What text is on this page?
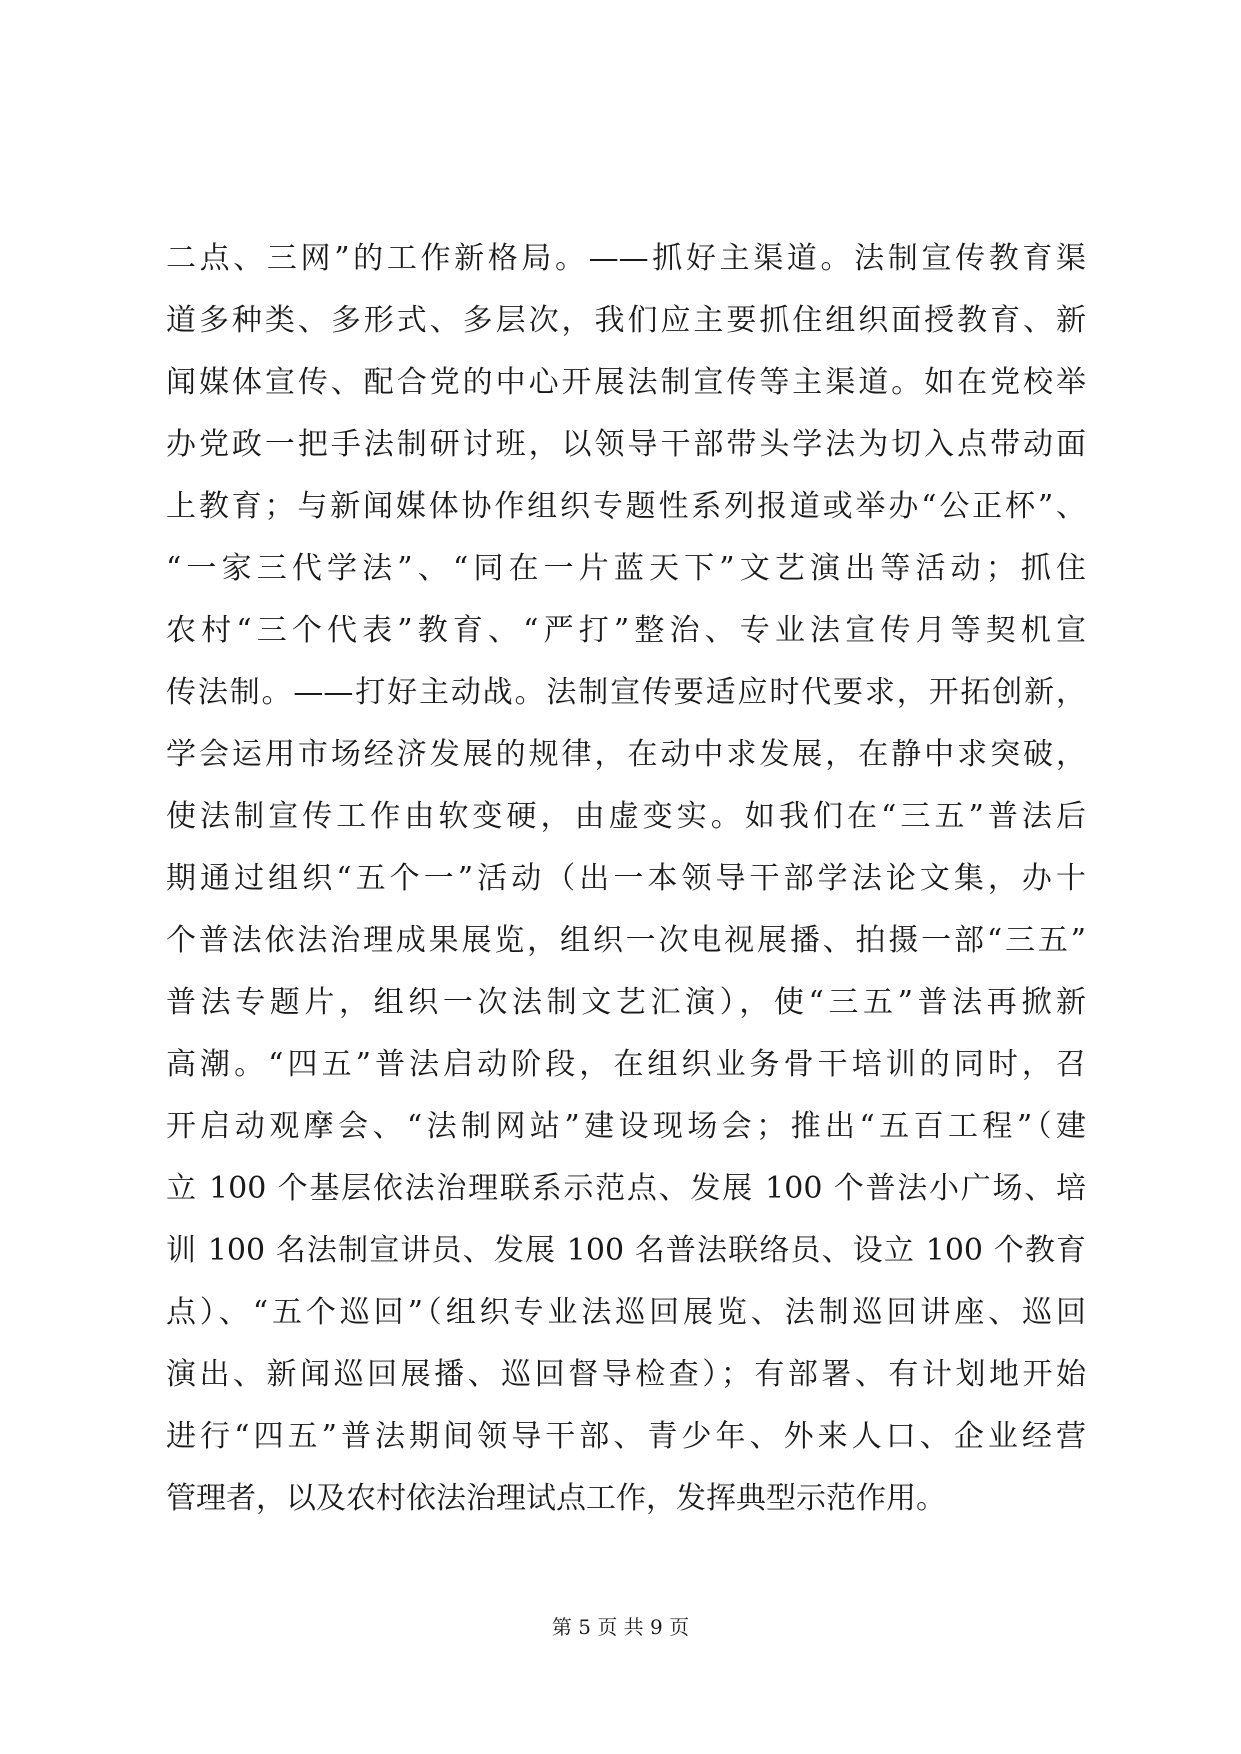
二点、三网”的工作新格局。——抓好主渠道。法制宣传教育渠
道多种类、多形式、多层次，我们应主要抓住组织面授教育、新
闻媒体宣传、配合党的中心开展法制宣传等主渠道。如在党校举
办党政一把手法制研讨班，以领导干部带头学法为切入点带动面
上教育；与新闻媒体协作组织专题性系列报道或举办“公正杯”、
“一家三代学法”、“同在一片蓝天下”文艺演出等活动；抓住
农村“三个代表”教育、“严打”整治、专业法宣传月等契机宣
传法制。——打好主动战。法制宣传要适应时代要求，开拓创新，
学会运用市场经济发展的规律，在动中求发展，在静中求突破，
使法制宣传工作由软变硬，由虚变实。如我们在“三五”普法后
期通过组织“五个一”活动（出一本领导干部学法论文集，办十
个普法依法治理成果展览，组织一次电视展播、拍摄一部“三五”
普法专题片，组织一次法制文艺汇演），使“三五”普法再掀新
高潮。“四五”普法启动阶段，在组织业务骨干培训的同时，召
开启动观摩会、“法制网站”建设现场会；推出“五百工程”（建
立 100 个基层依法治理联系示范点、发展 100 个普法小广场、培
训 100 名法制宣讲员、发展 100 名普法联络员、设立 100 个教育
点）、“五个巡回”（组织专业法巡回展览、法制巡回讲座、巡回
演出、新闻巡回展播、巡回督导检查）；有部署、有计划地开始
进行“四五”普法期间领导干部、青少年、外来人口、企业经营
管理者，以及农村依法治理试点工作，发挥典型示范作用。
第 5 页 共 9 页
